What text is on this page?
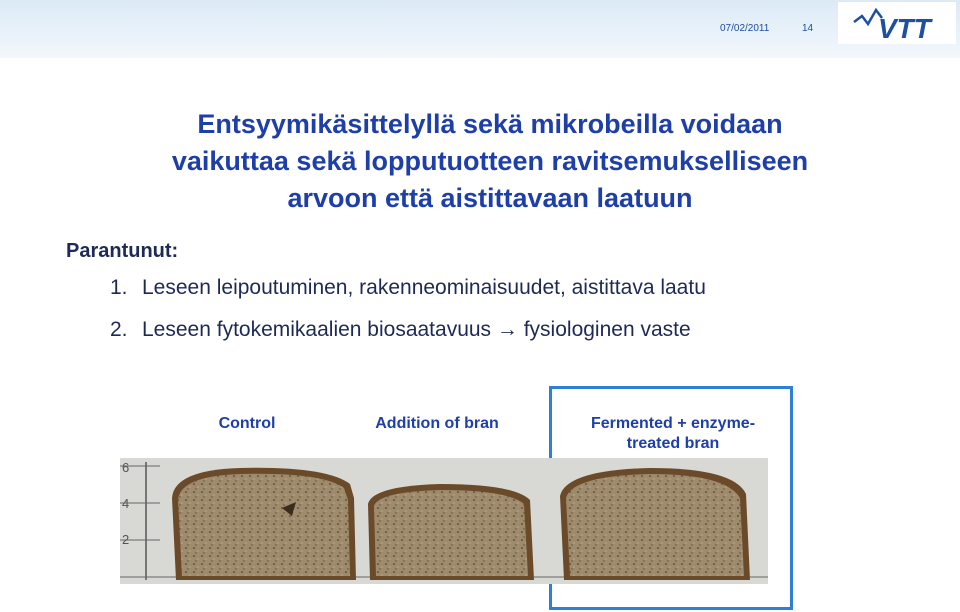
07/02/2011	14 VTT
Entsyymikäsittelyllä sekä mikrobeilla voidaan
vaikuttaa sekä lopputuotteen ravitsemukselliseen
arvoon että aistittavaan laatuun
Parantunut:
1. Leseen leipoutuminen, rakenneominaisuudet, aistittava laatu
2. Leseen fytokemikaalien biosaatavuus → fysiologinen vaste
Control	Addition of bran	Fermented + enzyme-
treated bran
6
4
2
